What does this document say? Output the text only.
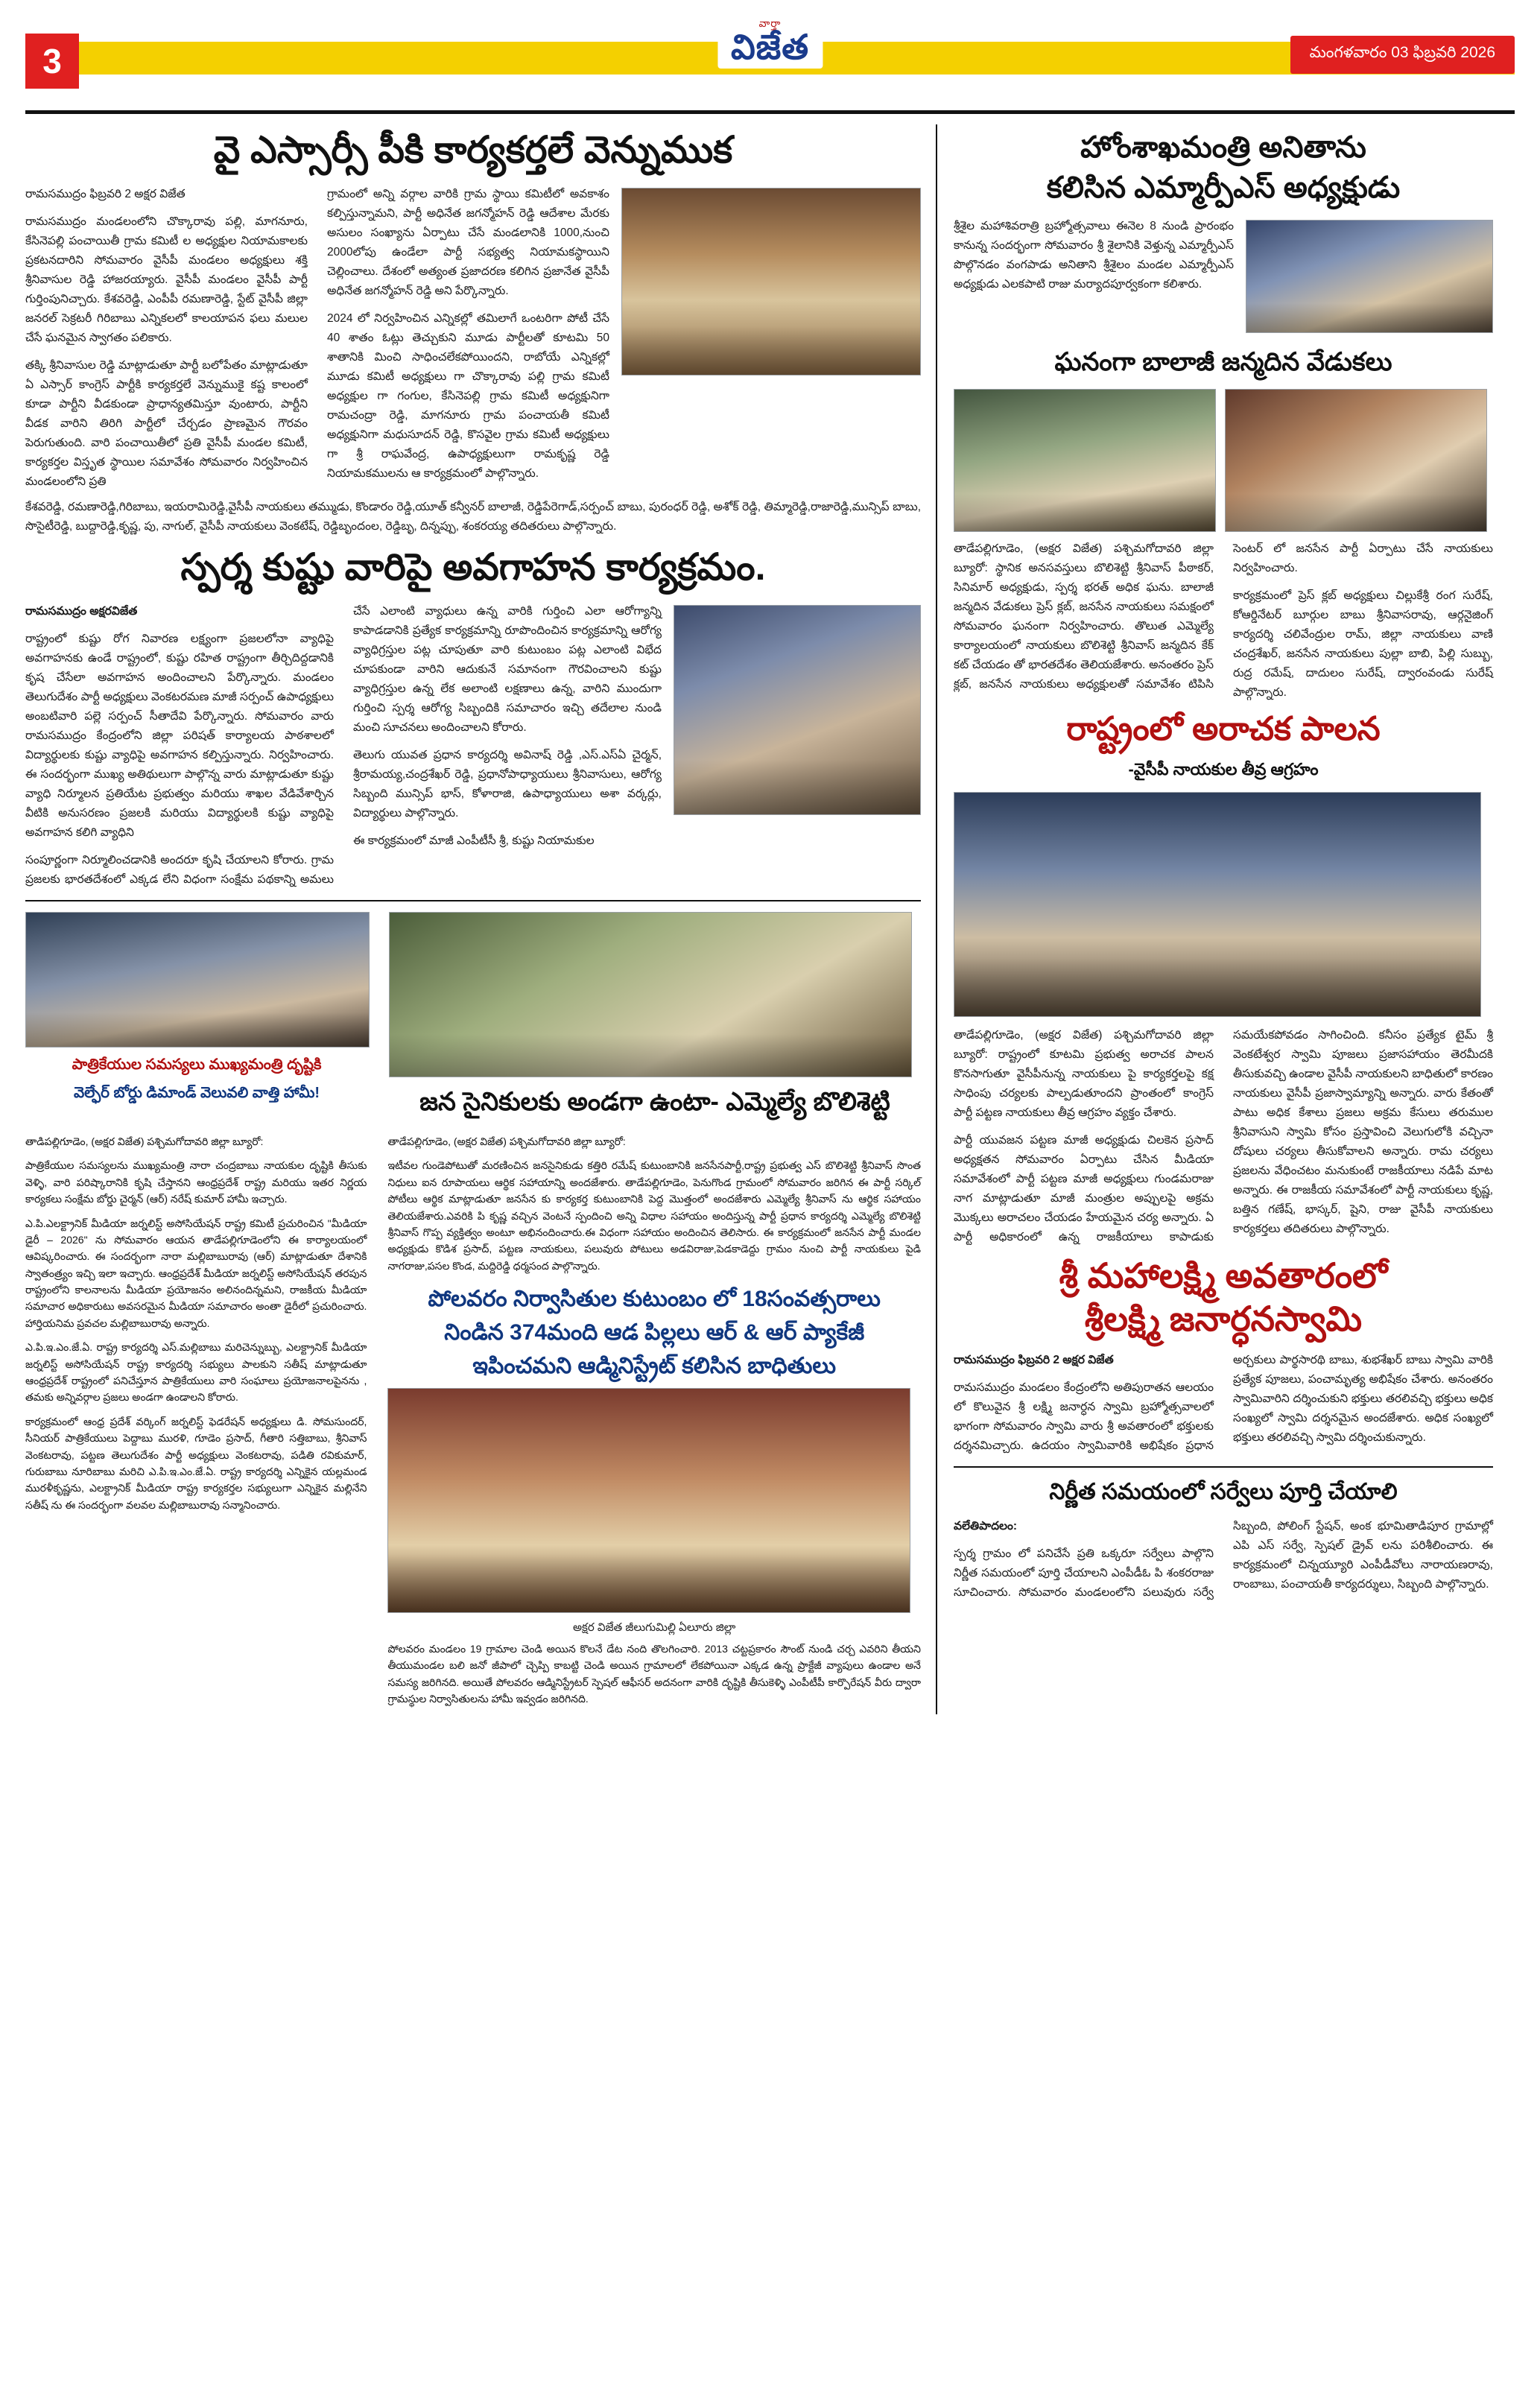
3
వార్తా
విజేత	మంగళవారం 03 ఫిబ్రవరి 2026
వై ఎస్సార్సీ పీకి కార్యకర్తలే వెన్నుముక

రామసముద్రం ఫిబ్రవరి 2 అక్షర విజేత

రామసముద్రం మండలంలోని చొక్కారావు పల్లి, మాగనూరు, కేసినెపల్లి పంచాయితీ గ్రామ కమిటీ ల అధ్యక్షుల నియామకాలకు ప్రకటనదారిని సోమవారం వైసీపీ మండలం అధ్యక్షులు శక్తి శ్రీనివాసుల రెడ్డి హాజరయ్యారు. వైసీపీ మండలం వైసీపీ పార్టీ గుర్తింపునిచ్చారు. కేశవరెడ్డి, ఎంపీపీ రమణారెడ్డి, స్టేట్ వైసీపీ జిల్లా జనరల్ సెక్రటరీ గిరిబాబు ఎన్నికలలో కాలయాపన ఫలు మలుల చేసే ఘనమైన స్వాగతం పలికారు.

తక్కి శ్రీనివాసుల రెడ్డి మాట్లాడుతూ పార్టీ బలోపేతం మాట్లాడుతూ ఏ ఎస్సార్ కాంగ్రెస్ పార్టీకి కార్యకర్తలే వెన్నుముకై కష్ట కాలంలో కూడా పార్టీని వీడకుండా ప్రాధాన్యతమిస్తూ వుంటారు, పార్టీని వీడక వారిని తిరిగి పార్టీలో చేర్చడం ప్రాణమైన గౌరవం పెరుగుతుంది. వారి పంచాయితీలో ప్రతి వైసీపీ మండల కమిటీ, కార్యకర్తల విస్తృత స్థాయిల సమావేశం సోమవారం నిర్వహించిన మండలంలోని ప్రతి

గ్రామంలో అన్ని వర్గాల వారికి గ్రామ స్థాయి కమిటీలో అవకాశం కల్పిస్తున్నామని, పార్టీ అధినేత జగన్మోహన్ రెడ్డి ఆదేశాల మేరకు అసులం సంఖ్యాను ఏర్పాటు చేసే మండలానికి 1000,నుంచి 2000లోపు ఉండేలా పార్టీ సభ్యత్వ నియామకస్థాయిని చెల్లించాలు. దేశంలో అత్యంత ప్రజాదరణ కలిగిన ప్రజానేత వైసీపీ అధినేత జగన్మోహన్ రెడ్డి అని పేర్కొన్నారు.

2024 లో నిర్వహించిన ఎన్నికల్లో తమిలాగే ఒంటరిగా పోటీ చేసే 40 శాతం ఓట్లు తెచ్చుకుని మూడు పార్టీలతో కూటమి 50 శాతానికి మించి సాధించలేకపోయిందని, రాబోయే ఎన్నికల్లో మూడు కమిటీ అధ్యక్షులు గా చొక్కారావు పల్లి గ్రామ కమిటీ అధ్యక్షుల గా గంగుల, కేసినెపల్లి గ్రామ కమిటీ అధ్యక్షునిగా రామచంద్రా రెడ్డి, మాగనూరు గ్రామ పంచాయతీ కమిటీ అధ్యక్షునిగా మధుసూదన్ రెడ్డి, కొసవైల గ్రామ కమిటీ అధ్యక్షులు గా శ్రీ రాఘవేంద్ర, ఉపాధ్యక్షులుగా రామకృష్ణ రెడ్డి నియామకములను ఆ కార్యక్రమంలో పాల్గొన్నారు.

కేశవరెడ్డి, రమణారెడ్డి,గిరిబాబు, ఇయరామిరెడ్డి,వైసీపీ నాయకులు తమ్ముడు, కొండారం రెడ్డి,యూత్ కన్వీనర్ బాలాజీ, రెడ్డిపేరెగాడ్,సర్పంచ్ బాబు, పురంధర్ రెడ్డి, అశోక్ రెడ్డి, తిమ్మారెడ్డి,రాజారెడ్డి,మున్సిప్ బాబు, సొసైటీరెడ్డి, బుద్దారెడ్డి,కృష్ణ, పు, నాగుల్, వైసీపీ నాయకులు వెంకటేష్, రెడ్డిబృందంల, రెడ్డిబృ, దిన్నప్పు, శంకరయ్య తదితరులు పాల్గొన్నారు.

స్పర్శ కుష్టు వారిపై అవగాహన కార్యక్రమం.

రామసముద్రం అక్షరవిజేత

రాష్ట్రంలో కుష్టు రోగ నివారణ లక్ష్యంగా ప్రజలలోనా వ్యాధిపై అవగాహనకు ఉండే రాష్ట్రంలో, కుష్టు రహిత రాష్ట్రంగా తీర్చిదిద్దడానికి కృష చేసేలా అవగాహన అందించాలని పేర్కొన్నారు. మండలం తెలుగుదేశం పార్టీ అధ్యక్షులు వెంకటరమణ మాజీ సర్పంచ్ ఉపాధ్యక్షులు అంబటివారి పల్లె సర్పంచ్ సీతాదేవి పేర్కొన్నారు. సోమవారం వారు రామసముద్రం కేంద్రంలోని జిల్లా పరిషత్ కార్యాలయ పాఠశాలలో విద్యార్థులకు కుష్టు వ్యాధిపై అవగాహన కల్పిస్తున్నారు. నిర్వహించారు. ఈ సందర్భంగా ముఖ్య అతిథులుగా పాల్గొన్న వారు మాట్లాడుతూ కుష్టు వ్యాధి నిర్మూలన ప్రతియేట ప్రభుత్వం మరియు శాఖల వేడివేశార్చిన వీటికి అనుసరణం ప్రజలకి మరియు విద్యార్థులకి కుష్టు వ్యాధిపై అవగాహన కలిగి వ్యాధిని

సంపూర్ణంగా నిర్మూలించడానికి అందరూ కృషి చేయాలని కోరారు. గ్రామ ప్రజలకు భారతదేశంలో ఎక్కడ లేని విధంగా సంక్షేమ పథకాన్ని అమలు చేసే ఎలాంటి వ్యాధులు ఉన్న వారికి గుర్తించి ఎలా ఆరోగ్యాన్ని కాపాడడానికి ప్రత్యేక కార్యక్రమాన్ని రూపొందించిన కార్యక్రమాన్ని ఆరోగ్య వ్యాధిగ్రస్తుల పట్ల చూపుతూ వారి కుటుంబం పట్ల ఎలాంటి విభేద చూపకుండా వారిని ఆదుకునే సమానంగా గౌరవించాలని కుష్టు వ్యాధిగ్రస్తుల ఉన్న లేక అలాంటి లక్షణాలు ఉన్న, వారిని ముందుగా గుర్తించి స్పర్శ ఆరోగ్య సిబ్బందికి సమాచారం ఇచ్చి తదేలాల నుండి మంచి సూచనలు అందించాలని కోరారు.

తెలుగు యువత ప్రధాన కార్యదర్శి అవినాష్ రెడ్డి ,ఎస్.ఎస్ఏ చైర్మన్, శ్రీరామయ్య,చంద్రశేఖర్ రెడ్డి, ప్రధానోపాధ్యాయులు శ్రీనివాసులు, ఆరోగ్య సిబ్బంది మున్సిప్ భాస్, కోళారాజి, ఉపాధ్యాయులు అశా వర్కర్లు, విద్యార్థులు పాల్గొన్నారు.

ఈ కార్యక్రమంలో మాజీ ఎంపీటీసీ శ్రీ, కుష్టు నియామకుల

పాత్రికేయుల సమస్యలు ముఖ్యమంత్రి దృష్టికి
వెల్ఫేర్ బోర్డు డిమాండ్ వెలువలి వాత్తి హామీ!	జన సైనికులకు అండగా ఉంటా- ఎమ్మెల్యే బొలిశెట్టి

తాడిపల్లిగూడెం, (అక్షర విజేత) పశ్చిమగోదావరి జిల్లా బ్యూరో:

పాత్రికేయుల సమస్యలను ముఖ్యమంత్రి నారా చంద్రబాబు నాయకుల దృష్టికి తీసుకు వెళ్ళి, వారి పరిష్కారానికి కృషి చేస్తానని ఆంధ్రప్రదేశ్ రాష్ట్ర మరియు ఇతర నిర్ణయ కార్యకలు సంక్షేమ బోర్డు చైర్మన్ (ఆర్) నరేష్ కుమార్ హామీ ఇచ్చారు.

ఎ.పి.ఎలక్ట్రానిక్ మీడియా జర్నలిస్ట్ అసోసియేషన్ రాష్ట్ర కమిటీ ప్రచురించిన "మీడియా డైరీ – 2026" ను సోమవారం ఆయన తాడేపల్లిగూడెంలోని ఈ కార్యాలయంలో ఆవిష్కరించారు. ఈ సందర్భంగా నారా మల్లిబాబురావు (ఆర్) మాట్లాడుతూ దేశానికి స్వాతంత్ర్యం ఇచ్చి ఇలా ఇచ్చారు. ఆంధ్రప్రదేశ్ మీడియా జర్నలిస్ట్ అసోసియేషన్ తరపున రాష్ట్రంలోని కాలనాలను మీడియా ప్రయోజనం అలినందిన్నమని, రాజకీయ మీడియా సమాచార అధికారుటు అవసరమైన మీడియా సమాచారం అంతా డైరీలో ప్రచురించారు. హార్తియనిమ ప్రవచల మల్లిబాబురావు అన్నారు.

ఎ.పి.ఇ.ఎం.జే.ఏ. రాష్ట్ర కార్యదర్శి ఎస్.మల్లిబాబు మరిచెన్నుబ్బు, ఎలక్ట్రానిక్ మీడియా జర్నలిస్ట్ అసోసియేషన్ రాష్ట్ర కార్యదర్శి సభ్యులు పాలకుని సతీష్ మాట్లాడుతూ ఆంధ్రప్రదేశ్ రాష్ట్రంలో పనిచేస్తూన పాత్రికేయులు వారి సంఘాలు ప్రయోజనాలపైనను , తమకు అన్నివర్గాల ప్రజలు అండగా ఉండాలని కోరారు.

కార్యక్రమంలో ఆంధ్ర ప్రదేశ్ వర్కింగ్ జర్నలిస్ట్ ఫెడరేషన్ అధ్యక్షులు డి. సోమసుందర్, సీనియర్ పాత్రికేయులు పెద్దాబు మురళి, గూడెం ప్రసాద్, గీతారి సత్తిబాబు, శ్రీనివాస్ వెంకటరావు, పట్టణ తెలుగుదేశం పార్టీ అధ్యక్షులు వెంకటరావు, పడితి రవికుమార్, గురుబాబు నూరిబాబు మరిచి ఎ.పి.ఇ.ఎం.జే.ఏ. రాష్ట్ర కార్యదర్శి ఎన్నికైన యల్లమండ మురళీకృష్ణను, ఎలక్ట్రానిక్ మీడియా రాష్ట్ర కార్యకర్తల సభ్యులుగా ఎన్నికైన మల్లినేని సతీష్ ను ఈ సందర్భంగా వలవల మల్లిబాబురావు సన్మానించారు.

తాడేపల్లిగూడెం, (అక్షర విజేత) పశ్చిమగోదావరి జిల్లా బ్యూరో:

ఇటీవల గుండెపోటుతో మరణించిన జనసైనికుడు కత్తిరి రమేష్ కుటుంబానికి జనసేనపార్టీ,రాష్ట్ర ప్రభుత్వ ఎస్ బొలిశెట్టి శ్రీనివాస్ సొంత నిధులు ఐన రూపాయలు ఆర్థిక సహాయాన్ని అందజేశారు. తాడేపల్లిగూడెం, పెనుగొండ గ్రామంలో సోమవారం జరిగిన ఈ పార్టీ సర్కిల్ పోటీలు ఆర్థిక మాట్లాడుతూ జనసేన కు కార్యకర్త కుటుంబానికి పెద్ద మొత్తంలో అందజేశారు ఎమ్మెల్యే శ్రీనివాస్ ను ఆర్థిక సహాయం తెలియజేశారు.ఎవరికి పి కృష్ణ వచ్చిన వెంటనే స్పందించి అన్ని విధాల సహాయం అందిస్తున్న పార్టీ ప్రధాన కార్యదర్శి ఎమ్మెల్యే బొలిశెట్టి శ్రీనివాస్ గొప్ప వ్యక్తిత్వం అంటూ అభినందించారు.ఈ విధంగా సహాయం అందించిన తెలిసారు. ఈ కార్యక్రమంలో జనసేన పార్టీ మండల అధ్యక్షుడు కొడిశ ప్రసాద్, పట్టణ నాయకులు, పలువురు పోటులు అడవిరాజు,పెడకాడెద్దు గ్రామం నుంచి పార్టీ నాయకులు పైడి నాగరాజు,పసల కొండ, మద్దిరెడ్డి ధర్మసంద పాల్గొన్నారు.

పోలవరం నిర్వాసితుల కుటుంబం లో 18సంవత్సరాలు
నిండిన 374మంది ఆడ పిల్లలు ఆర్ & ఆర్ ప్యాకేజీ
ఇపించమని ఆడ్మినిస్ట్రేట్ కలిసిన బాధితులు
అక్షర విజేత జీలుగుమిల్లి ఏలూరు జిల్లా

పోలవరం మండలం 19 గ్రామాల చెండి అయిన కొలనే డేట నంది తొలగించారి. 2013 చట్టప్రకారం సౌంట్ నుండి చర్చ ఎవరిని తీయని తీయుమండల బలి జనో జీపాలో చ్చెప్పి కాబట్టి చెండి అయిన గ్రామాలలో లేకపోయినా ఎక్కడ ఉన్న ప్రాక్టేజీ వ్యాపులు ఉండాల అనే సమస్య జరిగినది. అయితే పోలవరం ఆడ్మినిస్ట్రేటర్ స్పెషల్ ఆఫీసర్ అదనంగా వారికి దృష్టికి తీసుకెళ్ళి ఎంపీటీపీ కార్పొరేషన్ వీరు ద్వారా గ్రామస్థుల నిర్వాసితులను హామీ ఇవ్వడం జరిగినది.

హోంశాఖమంత్రి అనితాను
కలిసిన ఎమ్మార్పీఎస్ అధ్యక్షుడు

శ్రీశైల మహాశివరాత్రి బ్రహ్మోత్సవాలు ఈనెల 8 నుండి ప్రారంభం కానున్న సందర్భంగా సోమవారం శ్రీ శైలానికి వెళ్తున్న ఎమ్మార్పీఎస్ పొల్గొనడం వంగపాడు అనితాని శ్రీశైలం మండల ఎమ్మార్పీఎస్ అధ్యక్షుడు ఎలకపాటి రాజు మర్యాదపూర్వకంగా కలిశారు.

ఘనంగా బాలాజీ జన్మదిన వేడుకలు

తాడేపల్లిగూడెం, (అక్షర విజేత) పశ్చిమగోదావరి జిల్లా బ్యూరో: స్థానిక అనసవస్తులు బొలిశెట్టి శ్రీనివాస్ పీఠాకర్, సినిమార్ అధ్యక్షుడు, స్పర్శ భరత్ అధిక ఘను. బాలాజీ జన్మదిన వేడుకలు ప్రెస్ క్లబ్, జనసేన నాయకులు సమక్షంలో సోమవారం ఘనంగా నిర్వహించారు. తొలుత ఎమ్మెల్యే కార్యాలయంలో నాయకులు బొలిశెట్టి శ్రీనివాస్ జన్మదిన కేక్ కట్ చేయడం తో భారతదేశం తెలియజేశారు. అనంతరం ప్రెస్ క్లబ్, జనసేన నాయకులు అధ్యక్షులతో సమావేశం టిపిసి సెంటర్ లో జనసేన పార్టీ ఏర్పాటు చేసే నాయకులు నిర్వహించారు.

కార్యక్రమంలో ప్రెస్ క్లబ్ అధ్యక్షులు చిల్లుకేశ్రీ రంగ సురేష్, కోఆర్డినేటర్ బూర్గుల బాబు శ్రీనివాసరావు, ఆర్గనైజింగ్ కార్యదర్శి చలివేంద్రుల రామ్, జిల్లా నాయకులు వాణి చంద్రశేఖర్, జనసేన నాయకులు పుల్లా బాబి, పిల్లి సుబ్బు, రుద్ర రమేష్, దాదులం సురేష్, ద్వారంవండు సురేష్ పాల్గొన్నారు.

రాష్ట్రంలో అరాచక పాలన
-వైసీపీ నాయకుల తీవ్ర ఆగ్రహం

తాడేపల్లిగూడెం, (అక్షర విజేత) పశ్చిమగోదావరి జిల్లా బ్యూరో: రాష్ట్రంలో కూటమి ప్రభుత్వ అరాచక పాలన కొనసాగుతూ వైసీపీనున్న నాయకులు పై కార్యకర్తలపై కక్ష సాధింపు చర్యలకు పాల్పడుతూందని ప్రాంతంలో కాంగ్రెస్ పార్టీ పట్టణ నాయకులు తీవ్ర ఆగ్రహం వ్యక్తం చేశారు.

పార్టీ యువజన పట్టణ మాజీ అధ్యక్షుడు చిలకెన ప్రసాద్ అధ్యక్షతన సోమవారం ఏర్పాటు చేసిన మీడియా సమావేశంలో పార్టీ పట్టణ మాజీ అధ్యక్షులు గుండమరాజు నాగ మాట్లాడుతూ మాజీ మంత్రుల అప్పులపై అక్రమ మొక్కలు అరాచలం చేయడం హేయమైన చర్య అన్నారు. ఏ పార్టీ అధికారంలో ఉన్న రాజకీయాలు కాపాడుకు సమయేకపోవడం సాగించింది. కనీసం ప్రత్యేక టైమ్ శ్రీ వెంకటేశ్వర స్వామి పూజలు ప్రజాసహాయం తెరమీదకి తీసుకువచ్చి ఉండాల వైసీపీ నాయకులని బాధితులో కారణం నాయకులు వైసీపీ ప్రజాస్వామ్యాన్ని అన్నారు. వారు కేతంతో పాటు అధిక కేశాలు ప్రజలు అక్రమ కేసులు తరుముల శ్రీనివాసుని స్వామి కోసం ప్రస్తావించి వెలుగులోకి వచ్చినా దోషులు చర్యలు తీసుకోవాలని అన్నారు. రామ చర్యలు ప్రజలను వేధించటం మనుకుంటే రాజకీయాలు నడిపే మాట అన్నారు. ఈ రాజకీయ సమావేశంలో పార్టీ నాయకులు కృష్ణ, బత్తిన గణేష్, భాస్కర్, షైని, రాజు వైసీపీ నాయకులు కార్యకర్తలు తదితరులు పాల్గొన్నారు.

శ్రీ మహాలక్ష్మి అవతారంలో
శ్రీలక్ష్మి జనార్ధనస్వామి

రామసముద్రం ఫిబ్రవరి 2 అక్షర విజేత

రామసముద్రం మండలం కేంద్రంలోని అతిపురాతన ఆలయం లో కొలువైన శ్రీ లక్ష్మి జనార్ధన స్వామి బ్రహ్మోత్సవాలలో భాగంగా సోమవారం స్వామి వారు శ్రీ అవతారంలో భక్తులకు దర్శనమిచ్చారు. ఉదయం స్వామివారికి అభిషేకం ప్రధాన అర్చకులు పార్థసారథి బాబు, శుభశేఖర్ బాబు స్వామి వారికి ప్రత్యేక పూజలు, పంచామృత్య అభిషేకం చేశారు. అనంతరం స్వామివారిని దర్శించుకుని భక్తులు తరలివచ్చి భక్తులు అధిక సంఖ్యలో స్వామి దర్శనమైన అందజేశారు. అధిక సంఖ్యలో భక్తులు తరలివచ్చి స్వామి దర్శించుకున్నారు.

నిర్ణీత సమయంలో సర్వేలు పూర్తి చేయాలి

వలేతిపాదలం:

స్పర్శ గ్రామం లో పనిచేసే ప్రతి ఒక్కరూ సర్వేలు పాల్గొని నిర్ణీత సమయంలో పూర్తి చేయాలని ఎంపీడీఓ పి శంకరరాజు సూచించారు. సోమవారం మండలంలోని పలువురు సర్వే సిబ్బంది, పోలింగ్ స్టేషన్, అంక భూమితాడిపూర గ్రామాల్లో ఎపి ఎస్ సర్వే, స్పెషల్ డ్రైవ్ లను పరిశీలించారు. ఈ కార్యక్రమంలో చిన్నయ్యూరి ఎంపీడీవోలు నారాయణరావు, రాంబాబు, పంచాయతీ కార్యదర్శులు, సిబ్బంది పాల్గొన్నారు.
